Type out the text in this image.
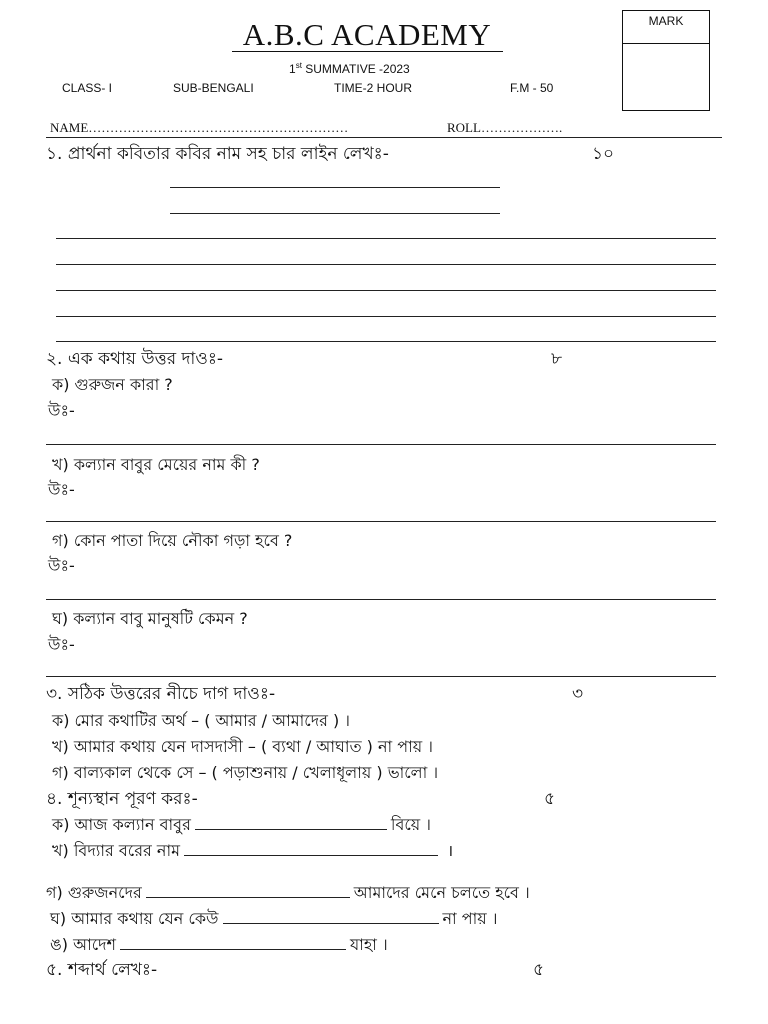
A.B.C ACADEMY
1st SUMMATIVE -2023
CLASS- I	SUB-BENGALI	TIME-2 HOUR	F.M - 50
MARK
NAME……………………………………………………	ROLL……………….
১. প্রার্থনা কবিতার কবির নাম সহ চার লাইন লেখঃ-	১০
২. এক কথায় উত্তর দাওঃ-	৮
ক) গুরুজন কারা ?
উঃ-
খ) কল্যান বাবুর মেয়ের নাম কী ?
উঃ-
গ) কোন পাতা দিয়ে নৌকা গড়া হবে ?
উঃ-
ঘ) কল্যান বাবু মানুষটি কেমন ?
উঃ-
৩. সঠিক উত্তরের নীচে দাগ দাওঃ-	৩
ক) মোর কথাটির অর্থ – ( আমার / আমাদের ) ।
খ) আমার কথায় যেন দাসদাসী – ( ব্যথা / আঘাত ) না পায় ।
গ) বাল্যকাল থেকে সে – ( পড়াশুনায় / খেলাধূলায় ) ভালো ।
৪. শূন্যস্থান পূরণ করঃ-	৫
ক) আজ কল্যান বাবুর	বিয়ে ।
খ) বিদ্যার বরের নাম	।
গ) গুরুজনদের	আমাদের মেনে চলতে হবে ।
ঘ) আমার কথায় যেন কেউ	না পায় ।
ঙ) আদেশ	যাহা ।
৫. শব্দার্থ লেখঃ-	৫
